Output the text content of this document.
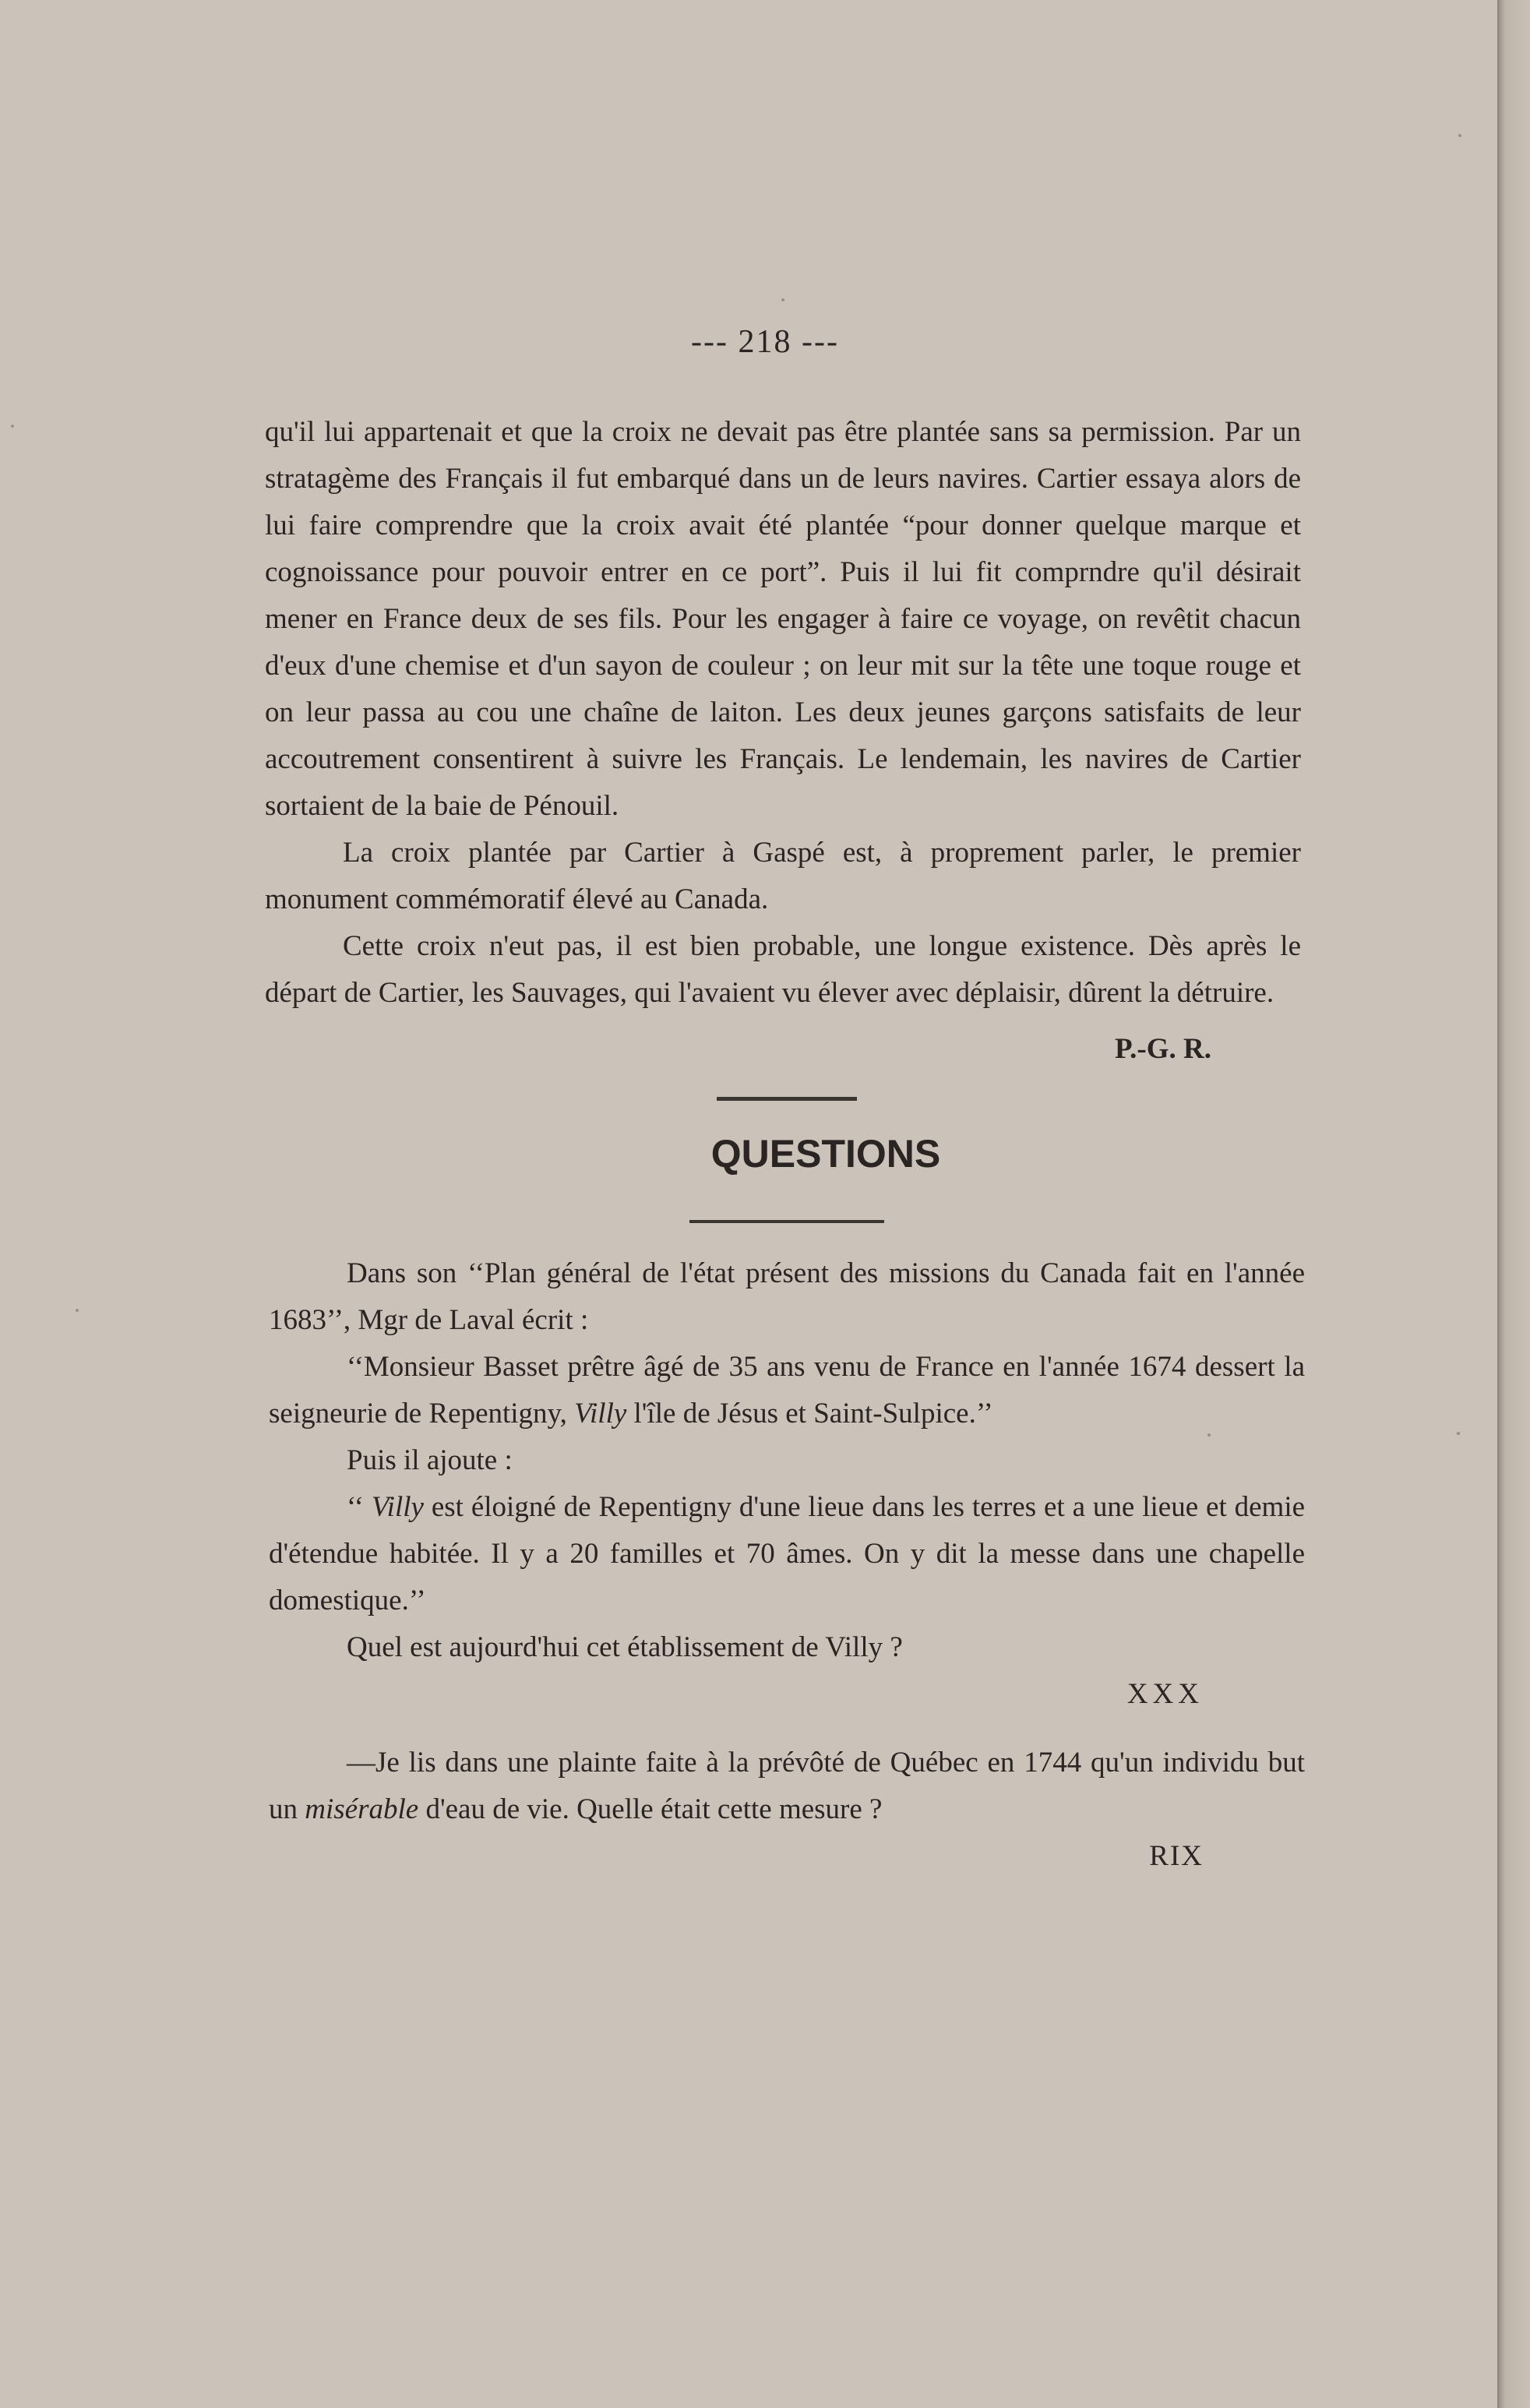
--- 218 ---

qu'il lui appartenait et que la croix ne devait pas être plantée sans sa permission. Par un stratagème des Français il fut embarqué dans un de leurs navires. Cartier essaya alors de lui faire comprendre que la croix avait été plantée “pour donner quelque marque et cognoissance pour pouvoir entrer en ce port”. Puis il lui fit comprndre qu'il désirait mener en France deux de ses fils. Pour les engager à faire ce voyage, on revêtit chacun d'eux d'une chemise et d'un sayon de couleur ; on leur mit sur la tête une toque rouge et on leur passa au cou une chaîne de laiton. Les deux jeunes garçons satisfaits de leur accoutrement consentirent à suivre les Français. Le lendemain, les navires de Cartier sortaient de la baie de Pénouil.

La croix plantée par Cartier à Gaspé est, à proprement parler, le premier monument commémoratif élevé au Canada.

Cette croix n'eut pas, il est bien probable, une longue existence. Dès après le départ de Cartier, les Sauvages, qui l'avaient vu élever avec déplaisir, dûrent la détruire.

P.-G. R.

QUESTIONS

Dans son ‘‘Plan général de l'état présent des missions du Canada fait en l'année 1683’’, Mgr de Laval écrit :

‘‘Monsieur Basset prêtre âgé de 35 ans venu de France en l'année 1674 dessert la seigneurie de Repentigny, Villy l'île de Jésus et Saint-Sulpice.’’

Puis il ajoute :

‘‘ Villy est éloigné de Repentigny d'une lieue dans les terres et a une lieue et demie d'étendue habitée. Il y a 20 familles et 70 âmes. On y dit la messe dans une chapelle domestique.’’

Quel est aujourd'hui cet établissement de Villy ?

XXX

—Je lis dans une plainte faite à la prévôté de Québec en 1744 qu'un individu but un misérable d'eau de vie. Quelle était cette mesure ?

RIX
